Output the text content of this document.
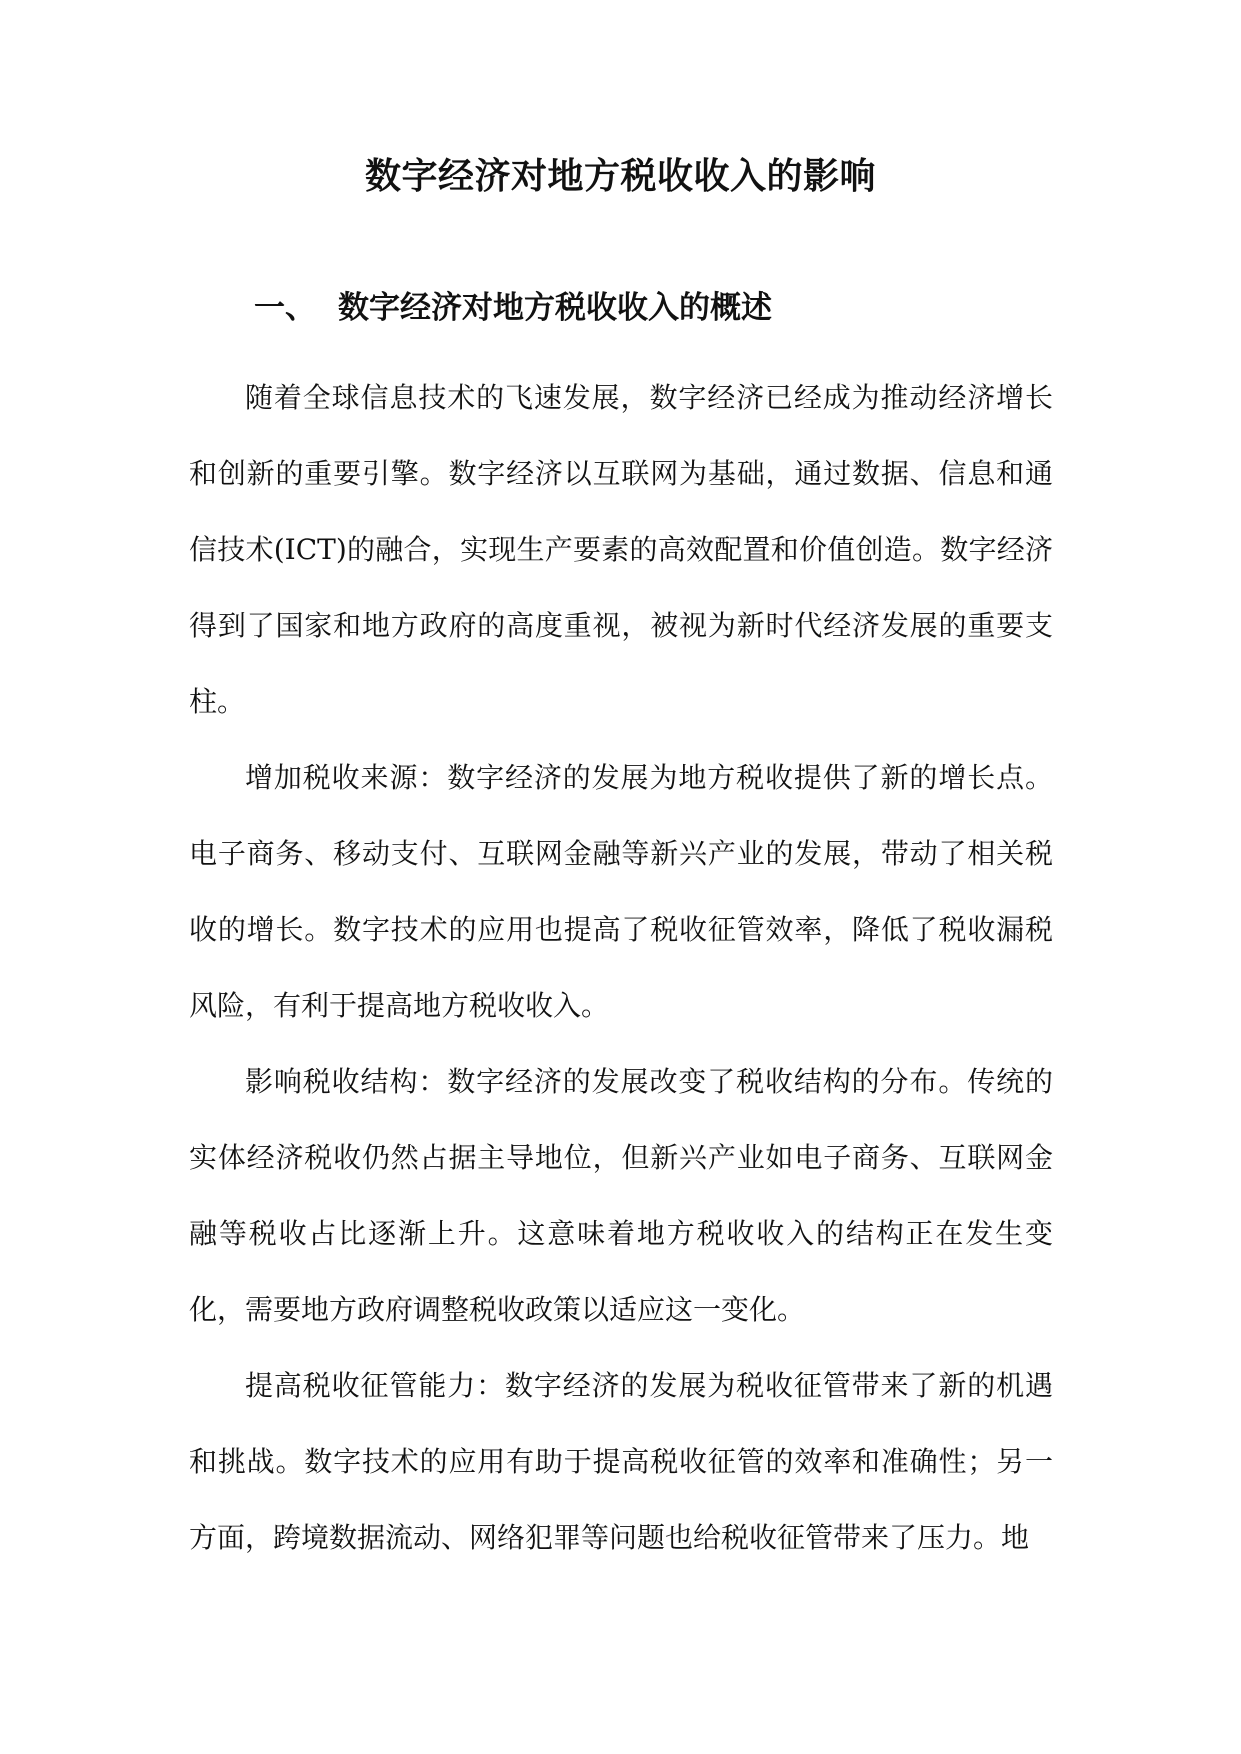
数字经济对地方税收收入的影响
一、 数字经济对地方税收收入的概述

随着全球信息技术的飞速发展，数字经济已经成为推动经济增长和创新的重要引擎。数字经济以互联网为基础，通过数据、信息和通信技术(ICT)的融合，实现生产要素的高效配置和价值创造。数字经济得到了国家和地方政府的高度重视，被视为新时代经济发展的重要支柱。

增加税收来源：数字经济的发展为地方税收提供了新的增长点。电子商务、移动支付、互联网金融等新兴产业的发展，带动了相关税收的增长。数字技术的应用也提高了税收征管效率，降低了税收漏税风险，有利于提高地方税收收入。

影响税收结构：数字经济的发展改变了税收结构的分布。传统的实体经济税收仍然占据主导地位，但新兴产业如电子商务、互联网金融等税收占比逐渐上升。这意味着地方税收收入的结构正在发生变化，需要地方政府调整税收政策以适应这一变化。

提高税收征管能力：数字经济的发展为税收征管带来了新的机遇和挑战。数字技术的应用有助于提高税收征管的效率和准确性；另一方面，跨境数据流动、网络犯罪等问题也给税收征管带来了压力。地
